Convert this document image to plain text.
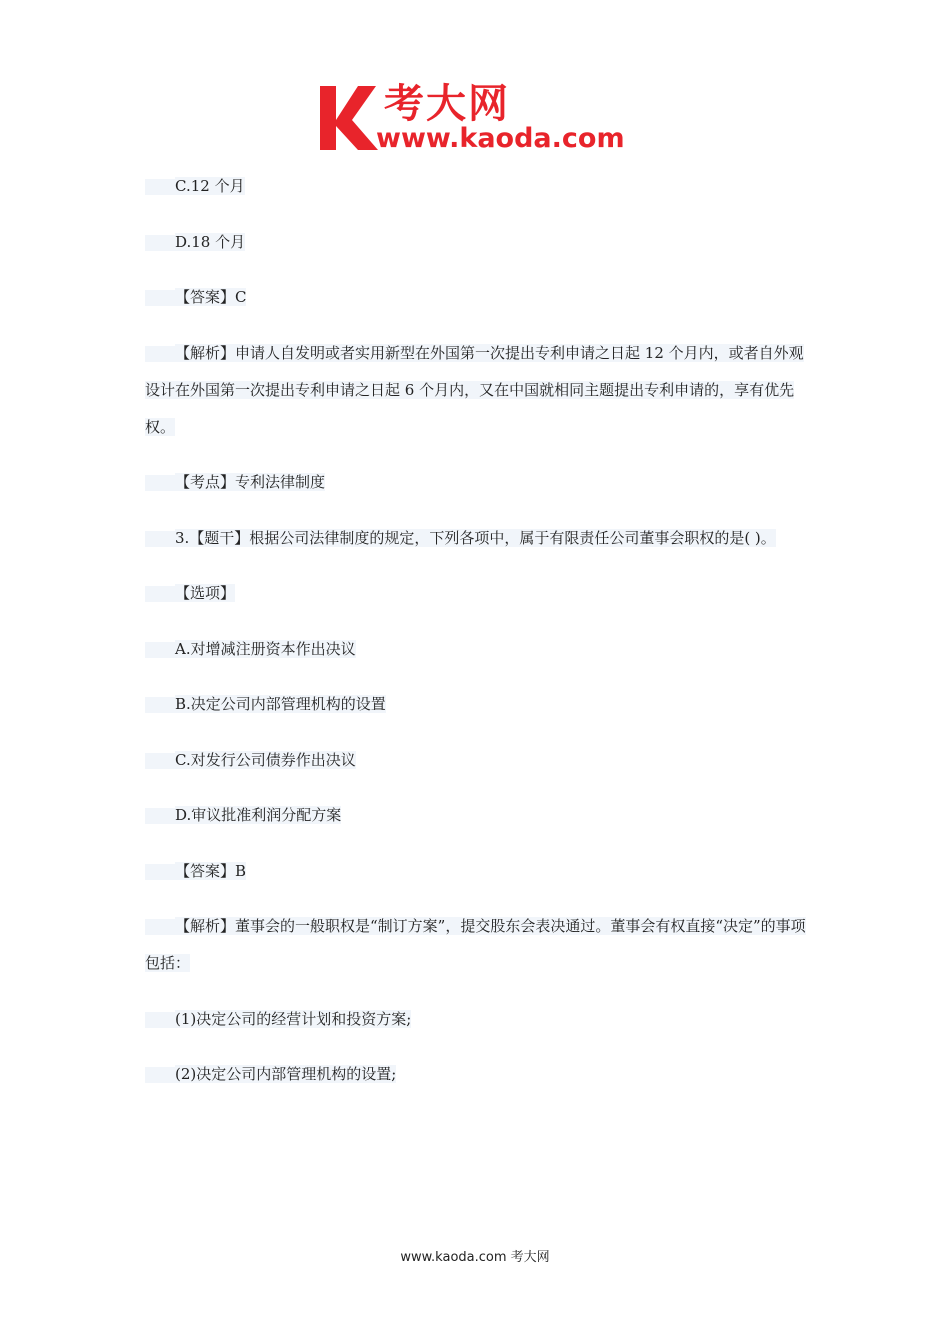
考大网
www.kaoda.com

C.12 个月

D.18 个月

【答案】C

【解析】申请人自发明或者实用新型在外国第一次提出专利申请之日起 12 个月内，或者自外观设计在外国第一次提出专利申请之日起 6 个月内，又在中国就相同主题提出专利申请的，享有优先权。

【考点】专利法律制度

3.【题干】根据公司法律制度的规定，下列各项中，属于有限责任公司董事会职权的是( )。

【选项】

A.对增减注册资本作出决议

B.决定公司内部管理机构的设置

C.对发行公司债券作出决议

D.审议批准利润分配方案

【答案】B

【解析】董事会的一般职权是“制订方案”，提交股东会表决通过。董事会有权直接“决定”的事项包括：

(1)决定公司的经营计划和投资方案;

(2)决定公司内部管理机构的设置;

www.kaoda.com 考大网
